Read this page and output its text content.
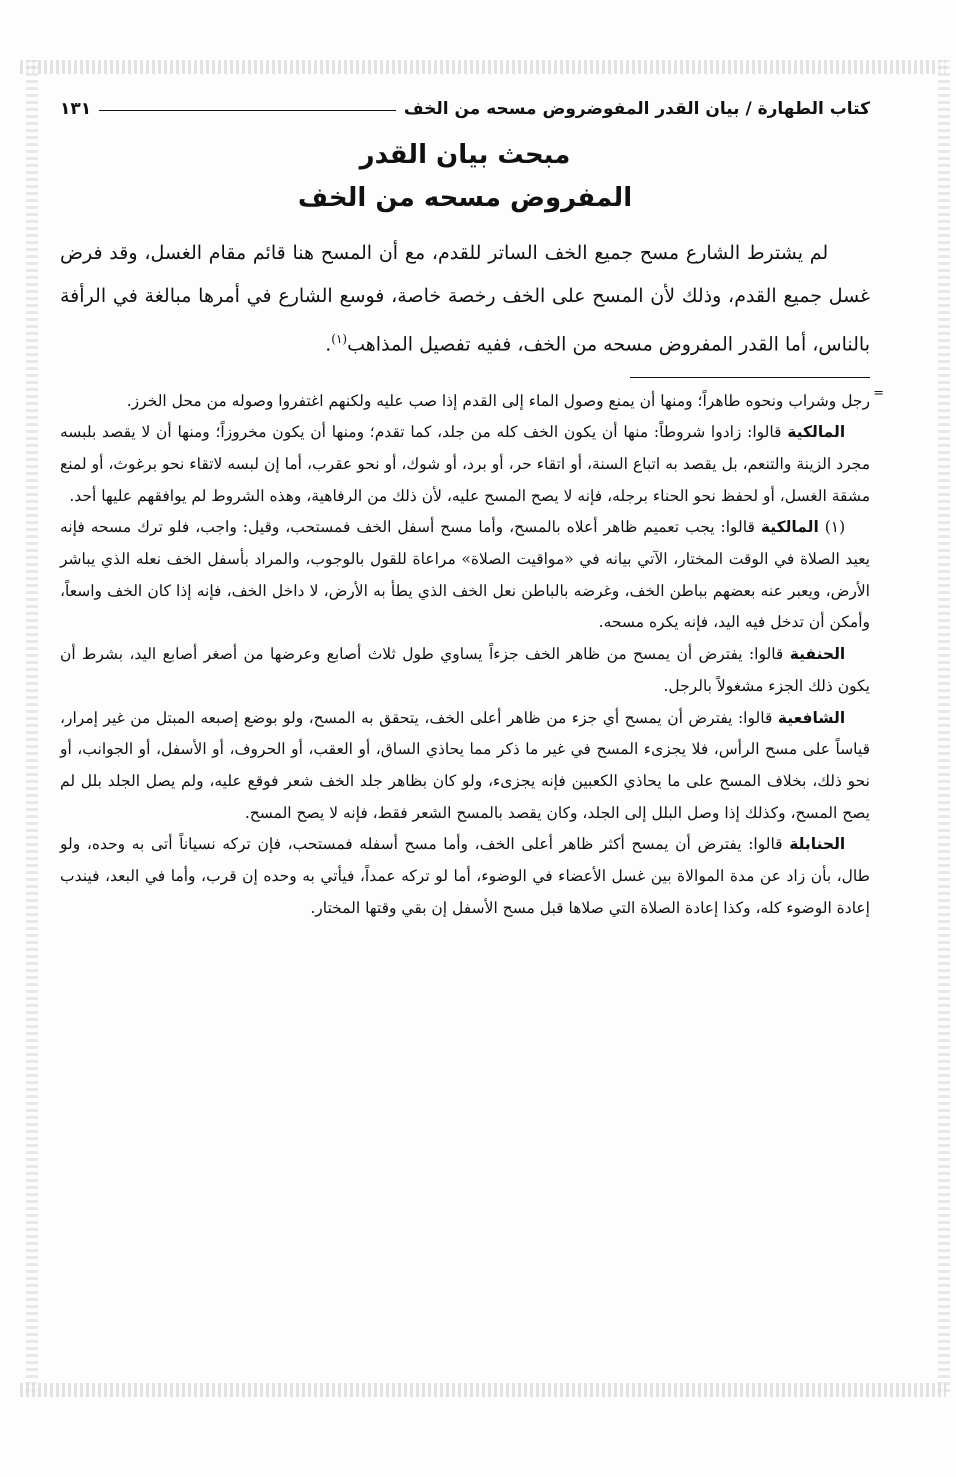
كتاب الطهارة / بيان القدر المفوضروض مسحه من الخف
١٣١
مبحث بيان القدر
المفروض مسحه من الخف
لم يشترط الشارع مسح جميع الخف الساتر للقدم، مع أن المسح هنا قائم مقام الغسل، وقد فرض غسل جميع القدم، وذلك لأن المسح على الخف رخصة خاصة، فوسع الشارع في أمرها مبالغة في الرأفة بالناس، أما القدر المفروض مسحه من الخف، ففيه تفصيل المذاهب$^{(١)}$.
=

رجل وشراب ونحوه طاهراً؛ ومنها أن يمنع وصول الماء إلى القدم إذا صب عليه ولكنهم اغتفروا وصوله من محل الخرز.

المالكية قالوا: زادوا شروطاً: منها أن يكون الخف كله من جلد، كما تقدم؛ ومنها أن يكون مخروزاً؛ ومنها أن لا يقصد بلبسه مجرد الزينة والتنعم، بل يقصد به اتباع السنة، أو اتقاء حر، أو برد، أو شوك، أو نحو عقرب، أما إن لبسه لاتقاء نحو برغوث، أو لمنع مشقة الغسل، أو لحفظ نحو الحناء برجله، فإنه لا يصح المسح عليه، لأن ذلك من الرفاهية، وهذه الشروط لم يوافقهم عليها أحد.

(١) المالكية قالوا: يجب تعميم ظاهر أعلاه بالمسح، وأما مسح أسفل الخف فمستحب، وقيل: واجب، فلو ترك مسحه فإنه يعيد الصلاة في الوقت المختار، الآتي بيانه في «مواقيت الصلاة» مراعاة للقول بالوجوب، والمراد بأسفل الخف نعله الذي يباشر الأرض، ويعبر عنه بعضهم بباطن الخف، وغرضه بالباطن نعل الخف الذي يطأ به الأرض، لا داخل الخف، فإنه إذا كان الخف واسعاً، وأمكن أن تدخل فيه اليد، فإنه يكره مسحه.

الحنفية قالوا: يفترض أن يمسح من ظاهر الخف جزءاً يساوي طول ثلاث أصابع وعرضها من أصغر أصابع اليد، بشرط أن يكون ذلك الجزء مشغولاً بالرجل.

الشافعية قالوا: يفترض أن يمسح أي جزء من ظاهر أعلى الخف، يتحقق به المسح، ولو بوضع إصبعه المبتل من غير إمرار، قياساً على مسح الرأس، فلا يجزىء المسح في غير ما ذكر مما يحاذي الساق، أو العقب، أو الحروف، أو الأسفل، أو الجوانب، أو نحو ذلك، بخلاف المسح على ما يحاذي الكعبين فإنه يجزىء، ولو كان بظاهر جلد الخف شعر فوقع عليه، ولم يصل الجلد بلل لم يصح المسح، وكذلك إذا وصل البلل إلى الجلد، وكان يقصد بالمسح الشعر فقط، فإنه لا يصح المسح.

الحنابلة قالوا: يفترض أن يمسح أكثر ظاهر أعلى الخف، وأما مسح أسفله فمستحب، فإن تركه نسياناً أتى به وحده، ولو طال، بأن زاد عن مدة الموالاة بين غسل الأعضاء في الوضوء، أما لو تركه عمداً، فيأتي به وحده إن قرب، وأما في البعد، فيندب إعادة الوضوء كله، وكذا إعادة الصلاة التي صلاها قبل مسح الأسفل إن بقي وقتها المختار.
